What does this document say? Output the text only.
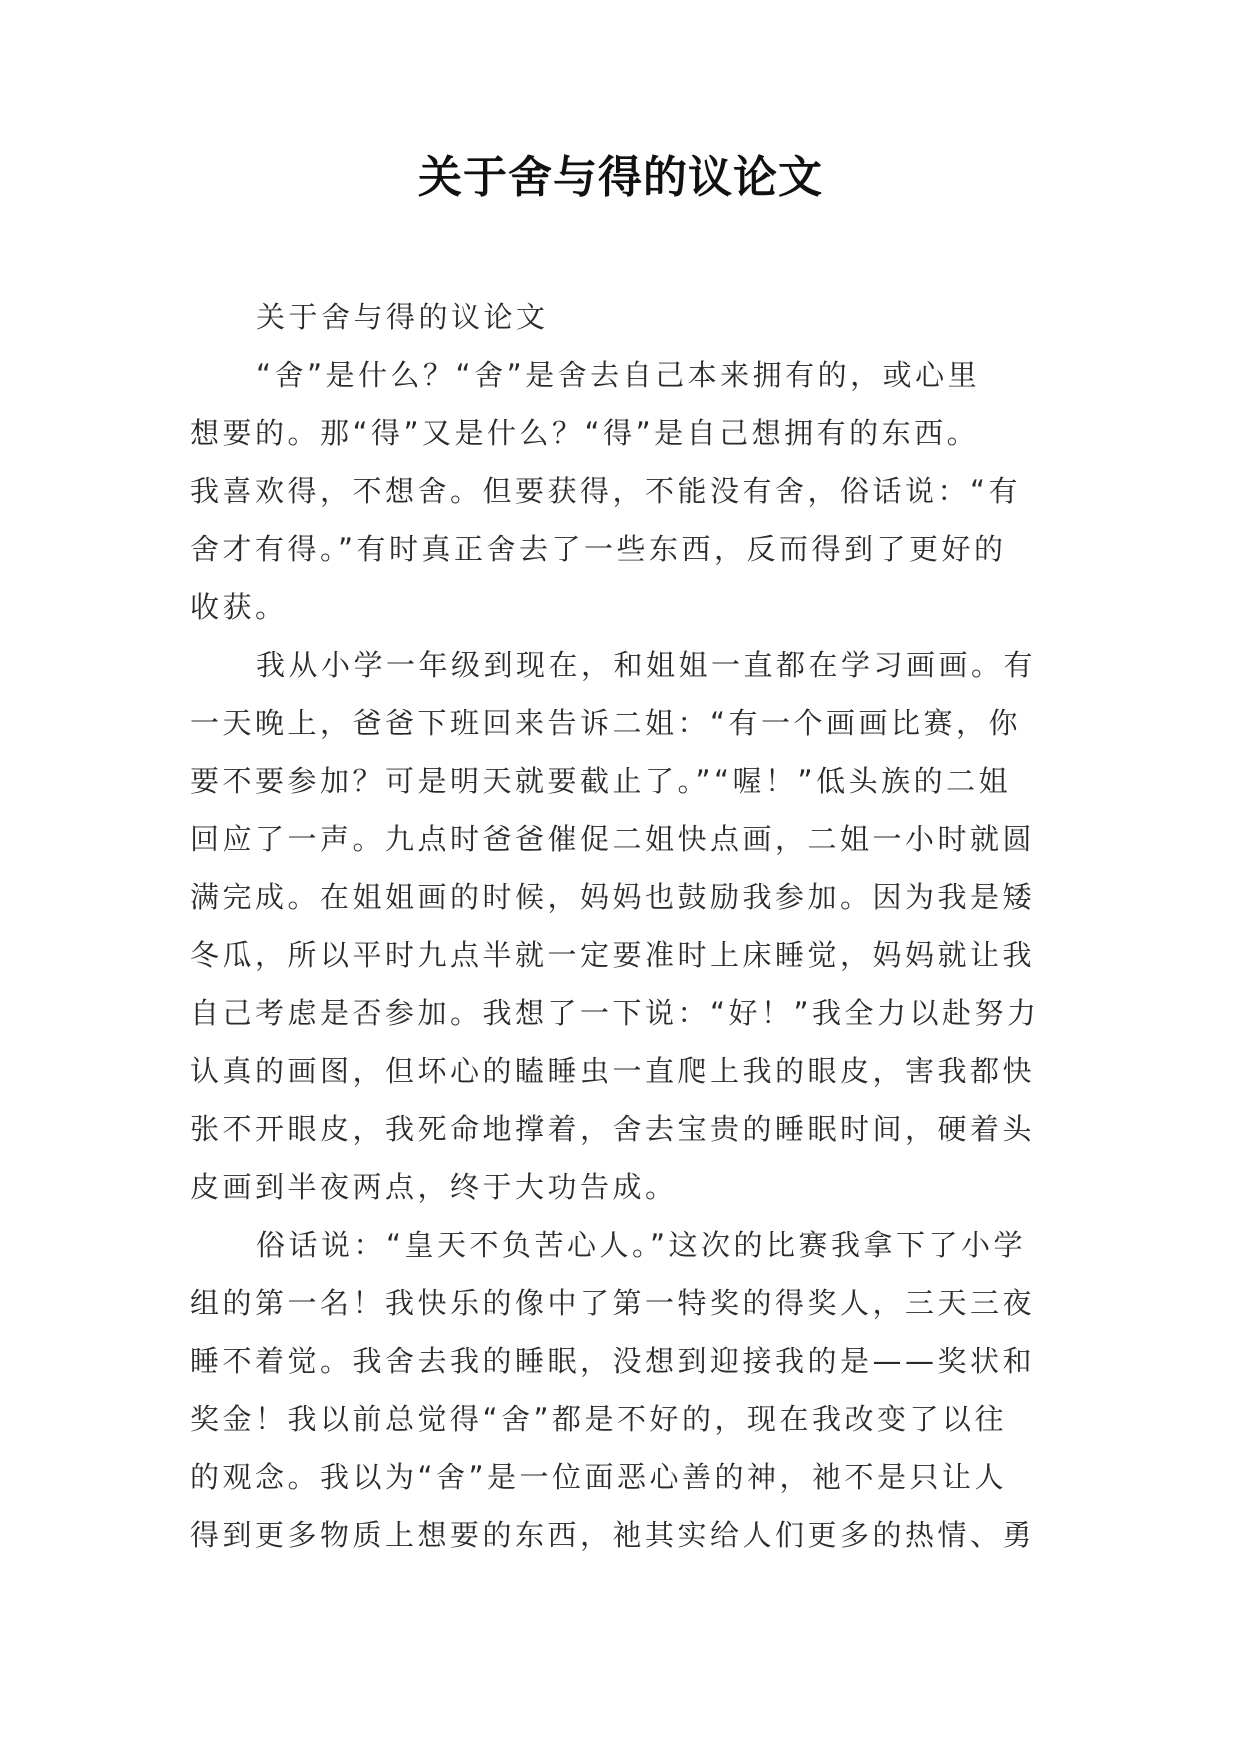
关于舍与得的议论文
关于舍与得的议论文
“舍”是什么？“舍”是舍去自己本来拥有的，或心里
想要的。那“得”又是什么？“得”是自己想拥有的东西。
我喜欢得，不想舍。但要获得，不能没有舍，俗话说：“有
舍才有得。”有时真正舍去了一些东西，反而得到了更好的
收获。
我从小学一年级到现在，和姐姐一直都在学习画画。有
一天晚上，爸爸下班回来告诉二姐：“有一个画画比赛，你
要不要参加？可是明天就要截止了。”“喔！”低头族的二姐
回应了一声。九点时爸爸催促二姐快点画，二姐一小时就圆
满完成。在姐姐画的时候，妈妈也鼓励我参加。因为我是矮
冬瓜，所以平时九点半就一定要准时上床睡觉，妈妈就让我
自己考虑是否参加。我想了一下说：“好！”我全力以赴努力
认真的画图，但坏心的瞌睡虫一直爬上我的眼皮，害我都快
张不开眼皮，我死命地撑着，舍去宝贵的睡眠时间，硬着头
皮画到半夜两点，终于大功告成。
俗话说：“皇天不负苦心人。”这次的比赛我拿下了小学
组的第一名！我快乐的像中了第一特奖的得奖人，三天三夜
睡不着觉。我舍去我的睡眠，没想到迎接我的是——奖状和
奖金！我以前总觉得“舍”都是不好的，现在我改变了以往
的观念。我以为“舍”是一位面恶心善的神，祂不是只让人
得到更多物质上想要的东西，祂其实给人们更多的热情、勇
